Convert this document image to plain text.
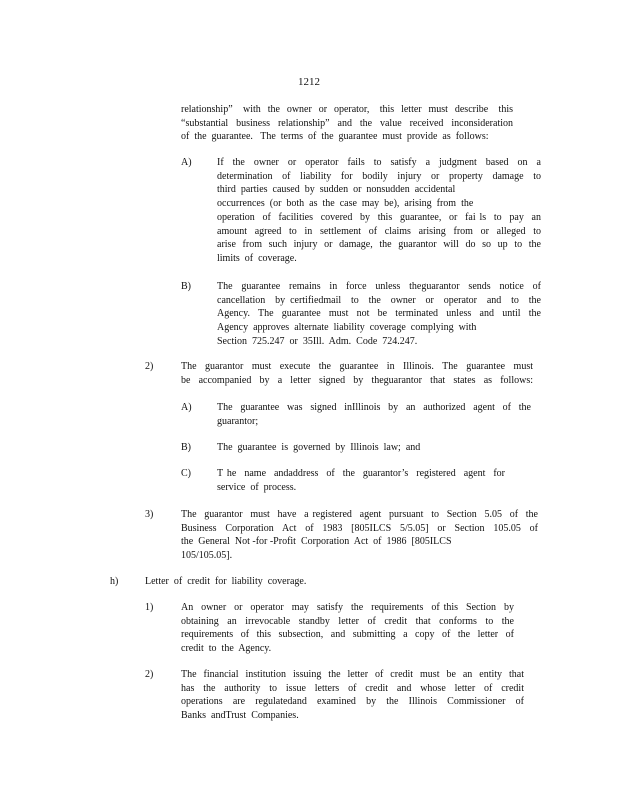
1212
relationship”   with  the  owner  or  operator,   this  letter  must  describe   this
“substantial  business  relationship”  and  the  value  received  inconsideration
of  the  guarantee.   The  terms  of  the  guarantee  must  provide  as  follows:
A)	If  the  owner  or  operator  fails  to  satisfy  a  judgment  based  on  a
determination  of  liability  for  bodily  injury  or  property  damage  to
third  parties  caused  by  sudden  or  nonsudden  accidental
occurrences  (or  both  as  the  case  may  be),  arising  from  the
operation  of  facilities  covered  by  this  guarantee,  or  fai ls  to  pay  an
amount  agreed  to  in  settlement  of  claims  arising  from  or  alleged  to
arise  from  such  injury  or  damage,  the  guarantor  will  do  so  up  to  the
limits  of  coverage.
B)	The  guarantee  remains  in  force  unless  theguarantor  sends  notice  of
cancellation  by certifiedmail  to  the  owner  or  operator  and  to  the
Agency.  The  guarantee  must  not  be  terminated  unless  and  until  the
Agency  approves  alternate  liability  coverage  complying  with
Section  725.247  or  35Ill.  Adm.  Code  724.247.
2)	The  guarantor  must  execute  the  guarantee  in  Illinois.  The  guarantee  must
be  accompanied  by  a  letter  signed  by  theguarantor  that  states  as  follows:
A)	The  guarantee  was  signed  inIllinois  by  an  authorized  agent  of  the
guarantor;
B)	The  guarantee  is  governed  by  Illinois  law;  and
C)	T he  name  andaddress  of  the  guarantor’s  registered  agent  for
service  of  process.
3)	The  guarantor  must  have  a registered  agent  pursuant  to  Section  5.05  of  the
Business  Corporation  Act  of  1983  [805ILCS  5/5.05]  or  Section  105.05  of
the  General  Not -for -Profit  Corporation  Act  of  1986  [805ILCS
105/105.05].
h)	Letter  of  credit  for  liability  coverage.
1)	An  owner  or  operator  may  satisfy  the  requirements  of this  Section  by
obtaining  an  irrevocable  standby  letter  of  credit  that  conforms  to  the
requirements  of  this  subsection,  and  submitting  a  copy  of  the  letter  of
credit  to  the  Agency.
2)	The  financial  institution  issuing  the  letter  of  credit  must  be  an  entity  that
has  the  authority  to  issue  letters  of  credit  and  whose  letter  of  credit
operations  are  regulatedand  examined  by  the  Illinois  Commissioner  of
Banks  andTrust  Companies.
